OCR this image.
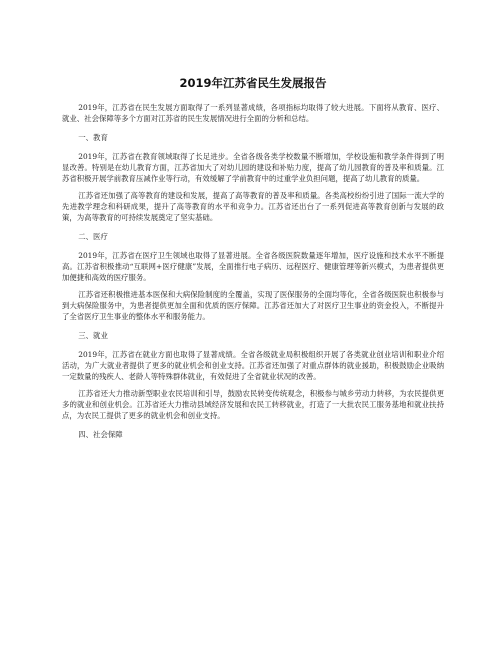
2019年江苏省民生发展报告

2019年，江苏省在民生发展方面取得了一系列显著成绩，各项指标均取得了较大进展。下面将从教育、医疗、就业、社会保障等多个方面对江苏省的民生发展情况进行全面的分析和总结。

一、教育

2019年，江苏省在教育领域取得了长足进步。全省各级各类学校数量不断增加，学校设施和教学条件得到了明显改善。特别是在幼儿教育方面，江苏省加大了对幼儿园的建设和补贴力度，提高了幼儿园教育的普及率和质量。江苏省积极开展学前教育压减作业等行动，有效缓解了学前教育中的过重学业负担问题，提高了幼儿教育的质量。

江苏省还加强了高等教育的建设和发展，提高了高等教育的普及率和质量。各类高校纷纷引进了国际一流大学的先进教学理念和科研成果，提升了高等教育的水平和竞争力。江苏省还出台了一系列促进高等教育创新与发展的政策，为高等教育的可持续发展奠定了坚实基础。

二、医疗

2019年，江苏省在医疗卫生领域也取得了显著进展。全省各级医院数量逐年增加，医疗设施和技术水平不断提高。江苏省积极推动“互联网+医疗健康”发展，全面推行电子病历、远程医疗、健康管理等新兴模式，为患者提供更加便捷和高效的医疗服务。

江苏省还积极推进基本医保和大病保险制度的全覆盖，实现了医保服务的全面均等化，全省各级医院也积极参与到大病保险服务中，为患者提供更加全面和优质的医疗保障。江苏省还加大了对医疗卫生事业的资金投入，不断提升了全省医疗卫生事业的整体水平和服务能力。

三、就业

2019年，江苏省在就业方面也取得了显著成绩。全省各级就业局积极组织开展了各类就业创业培训和职业介绍活动，为广大就业者提供了更多的就业机会和创业支持。江苏省还加强了对重点群体的就业援助，积极鼓励企业吸纳一定数量的残疾人、老龄人等特殊群体就业，有效促进了全省就业状况的改善。

江苏省还大力推动新型职业农民培训和引导，鼓励农民转变传统观念，积极参与城乡劳动力转移，为农民提供更多的就业和创业机会。江苏省还大力推动县域经济发展和农民工转移就业，打造了一大批农民工服务基地和就业扶持点，为农民工提供了更多的就业机会和创业支持。

四、社会保障
